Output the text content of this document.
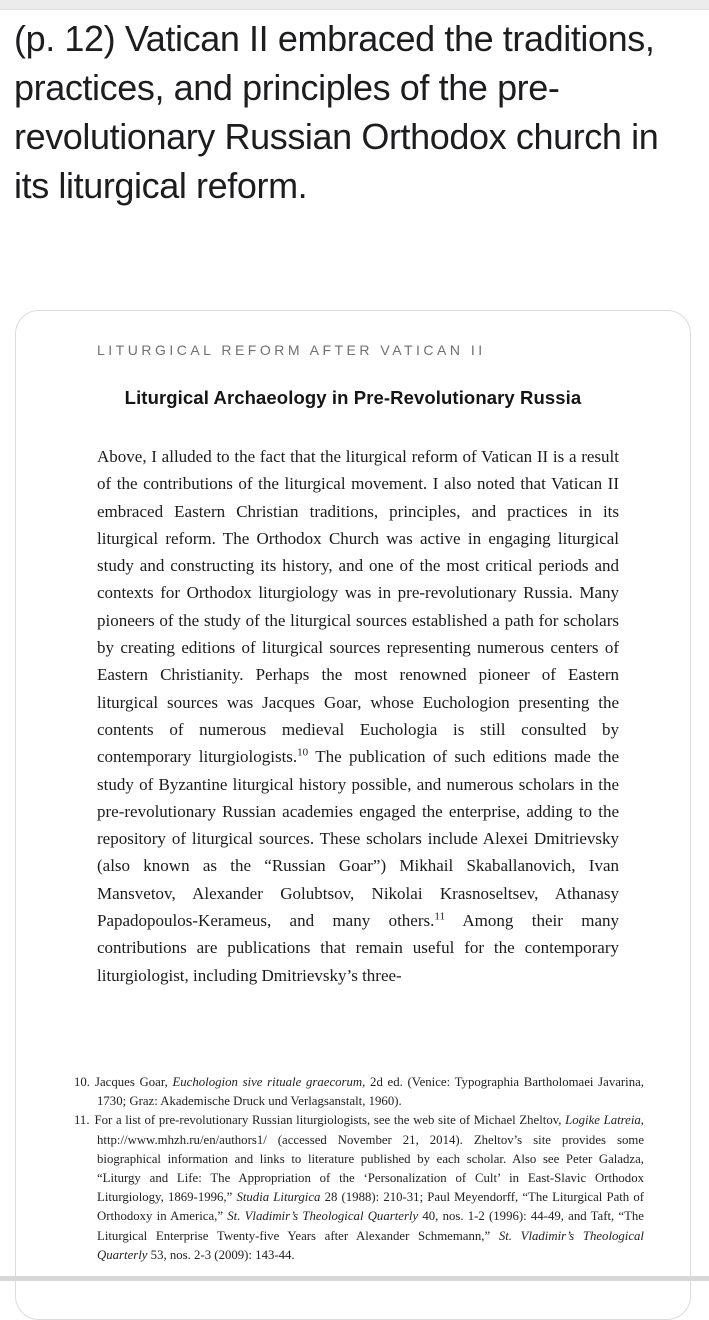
(p. 12) Vatican II embraced the traditions, practices, and principles of the pre-revolutionary Russian Orthodox church in its liturgical reform.
LITURGICAL REFORM AFTER VATICAN II
Liturgical Archaeology in Pre-Revolutionary Russia

Above, I alluded to the fact that the liturgical reform of Vatican II is a result of the contributions of the liturgical movement. I also noted that Vatican II embraced Eastern Christian traditions, principles, and practices in its liturgical reform. The Orthodox Church was active in engaging liturgical study and constructing its history, and one of the most critical periods and contexts for Orthodox liturgiology was in pre-revolutionary Russia. Many pioneers of the study of the liturgical sources established a path for scholars by creating editions of liturgical sources representing numerous centers of Eastern Christianity. Perhaps the most renowned pioneer of Eastern liturgical sources was Jacques Goar, whose Euchologion presenting the contents of numerous medieval Euchologia is still consulted by contemporary liturgiologists.$^{10}$ The publication of such editions made the study of Byzantine liturgical history possible, and numerous scholars in the pre-revolutionary Russian academies engaged the enterprise, adding to the repository of liturgical sources. These scholars include Alexei Dmitrievsky (also known as the “Russian Goar”) Mikhail Skaballanovich, Ivan Mansvetov, Alexander Golubtsov, Nikolai Krasnoseltsev, Athanasy Papadopoulos-Kerameus, and many others.$^{11}$ Among their many contributions are publications that remain useful for the contemporary liturgiologist, including Dmitrievsky’s three-

10. Jacques Goar, Euchologion sive rituale graecorum, 2d ed. (Venice: Typographia Bartholomaei Javarina, 1730; Graz: Akademische Druck und Verlagsanstalt, 1960).
11. For a list of pre-revolutionary Russian liturgiologists, see the web site of Michael Zheltov, Logike Latreia, http://www.mhzh.ru/en/authors1/ (accessed November 21, 2014). Zheltov’s site provides some biographical information and links to literature published by each scholar. Also see Peter Galadza, “Liturgy and Life: The Appropriation of the ‘Personalization of Cult’ in East-Slavic Orthodox Liturgiology, 1869-1996,” Studia Liturgica 28 (1988): 210-31; Paul Meyendorff, “The Liturgical Path of Orthodoxy in America,” St. Vladimir’s Theological Quarterly 40, nos. 1-2 (1996): 44-49, and Taft, “The Liturgical Enterprise Twenty-five Years after Alexander Schmemann,” St. Vladimir’s Theological Quarterly 53, nos. 2-3 (2009): 143-44.
